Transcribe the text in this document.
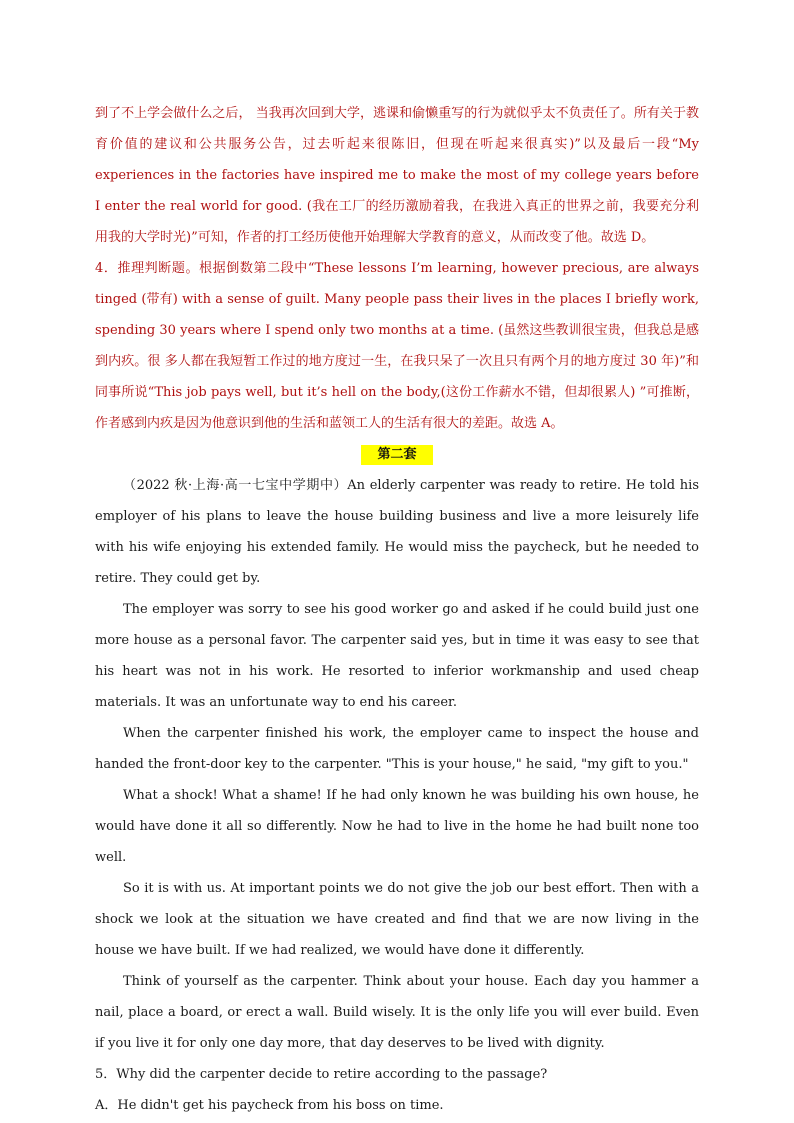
到了不上学会做什么之后， 当我再次回到大学，逃课和偷懒重写的行为就似乎太不负责任了。所有关于教育价值的建议和公共服务公告，过去听起来很陈旧，但现在听起来很真实)”以及最后一段“My experiences in the factories have inspired me to make the most of my college years before I enter the real world for good. (我在工厂的经历激励着我，在我进入真正的世界之前，我要充分利用我的大学时光)”可知，作者的打工经历使他开始理解大学教育的意义，从而改变了他。故选 D。

4．推理判断题。根据倒数第二段中“These lessons I’m learning, however precious, are always tinged (带有) with a sense of guilt. Many people pass their lives in the places I briefly work, spending 30 years where I spend only two months at a time. (虽然这些教训很宝贵，但我总是感到内疚。很 多人都在我短暂工作过的地方度过一生，在我只呆了一次且只有两个月的地方度过 30 年)”和同事所说“This job pays well, but it’s hell on the body,(这份工作薪水不错，但却很累人) ”可推断，作者感到内疚是因为他意识到他的生活和蓝领工人的生活有很大的差距。故选 A。

第二套

（2022 秋·上海·高一七宝中学期中）An elderly carpenter was ready to retire. He told his employer of his plans to leave the house building business and live a more leisurely life with his wife enjoying his extended family. He would miss the paycheck, but he needed to retire. They could get by.

The employer was sorry to see his good worker go and asked if he could build just one more house as a personal favor. The carpenter said yes, but in time it was easy to see that his heart was not in his work. He resorted to inferior workmanship and used cheap materials. It was an unfortunate way to end his career.

When the carpenter finished his work, the employer came to inspect the house and handed the front-door key to the carpenter. "This is your house," he said, "my gift to you."

What a shock! What a shame! If he had only known he was building his own house, he would have done it all so differently. Now he had to live in the home he had built none too well.

So it is with us. At important points we do not give the job our best effort. Then with a shock we look at the situation we have created and find that we are now living in the house we have built. If we had realized, we would have done it differently.

Think of yourself as the carpenter. Think about your house. Each day you hammer a nail, place a board, or erect a wall. Build wisely. It is the only life you will ever build. Even if you live it for only one day more, that day deserves to be lived with dignity.

5．Why did the carpenter decide to retire according to the passage?

A．He didn't get his paycheck from his boss on time.
